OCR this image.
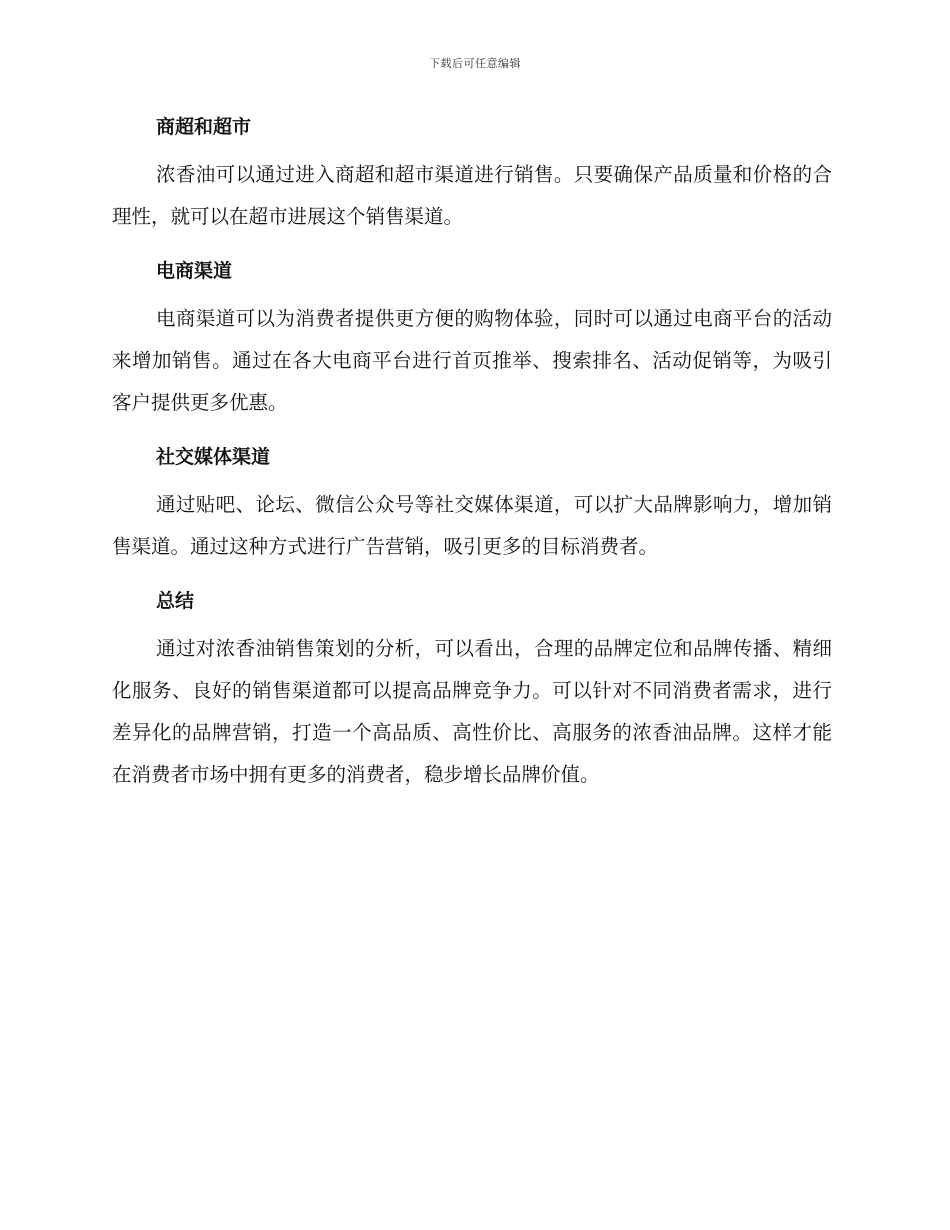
下载后可任意编辑
商超和超市

浓香油可以通过进入商超和超市渠道进行销售。只要确保产品质量和价格的合理性，就可以在超市进展这个销售渠道。

电商渠道

电商渠道可以为消费者提供更方便的购物体验，同时可以通过电商平台的活动来增加销售。通过在各大电商平台进行首页推举、搜索排名、活动促销等，为吸引客户提供更多优惠。

社交媒体渠道

通过贴吧、论坛、微信公众号等社交媒体渠道，可以扩大品牌影响力，增加销售渠道。通过这种方式进行广告营销，吸引更多的目标消费者。

总结

通过对浓香油销售策划的分析，可以看出，合理的品牌定位和品牌传播、精细化服务、良好的销售渠道都可以提高品牌竞争力。可以针对不同消费者需求，进行差异化的品牌营销，打造一个高品质、高性价比、高服务的浓香油品牌。这样才能在消费者市场中拥有更多的消费者，稳步增长品牌价值。
